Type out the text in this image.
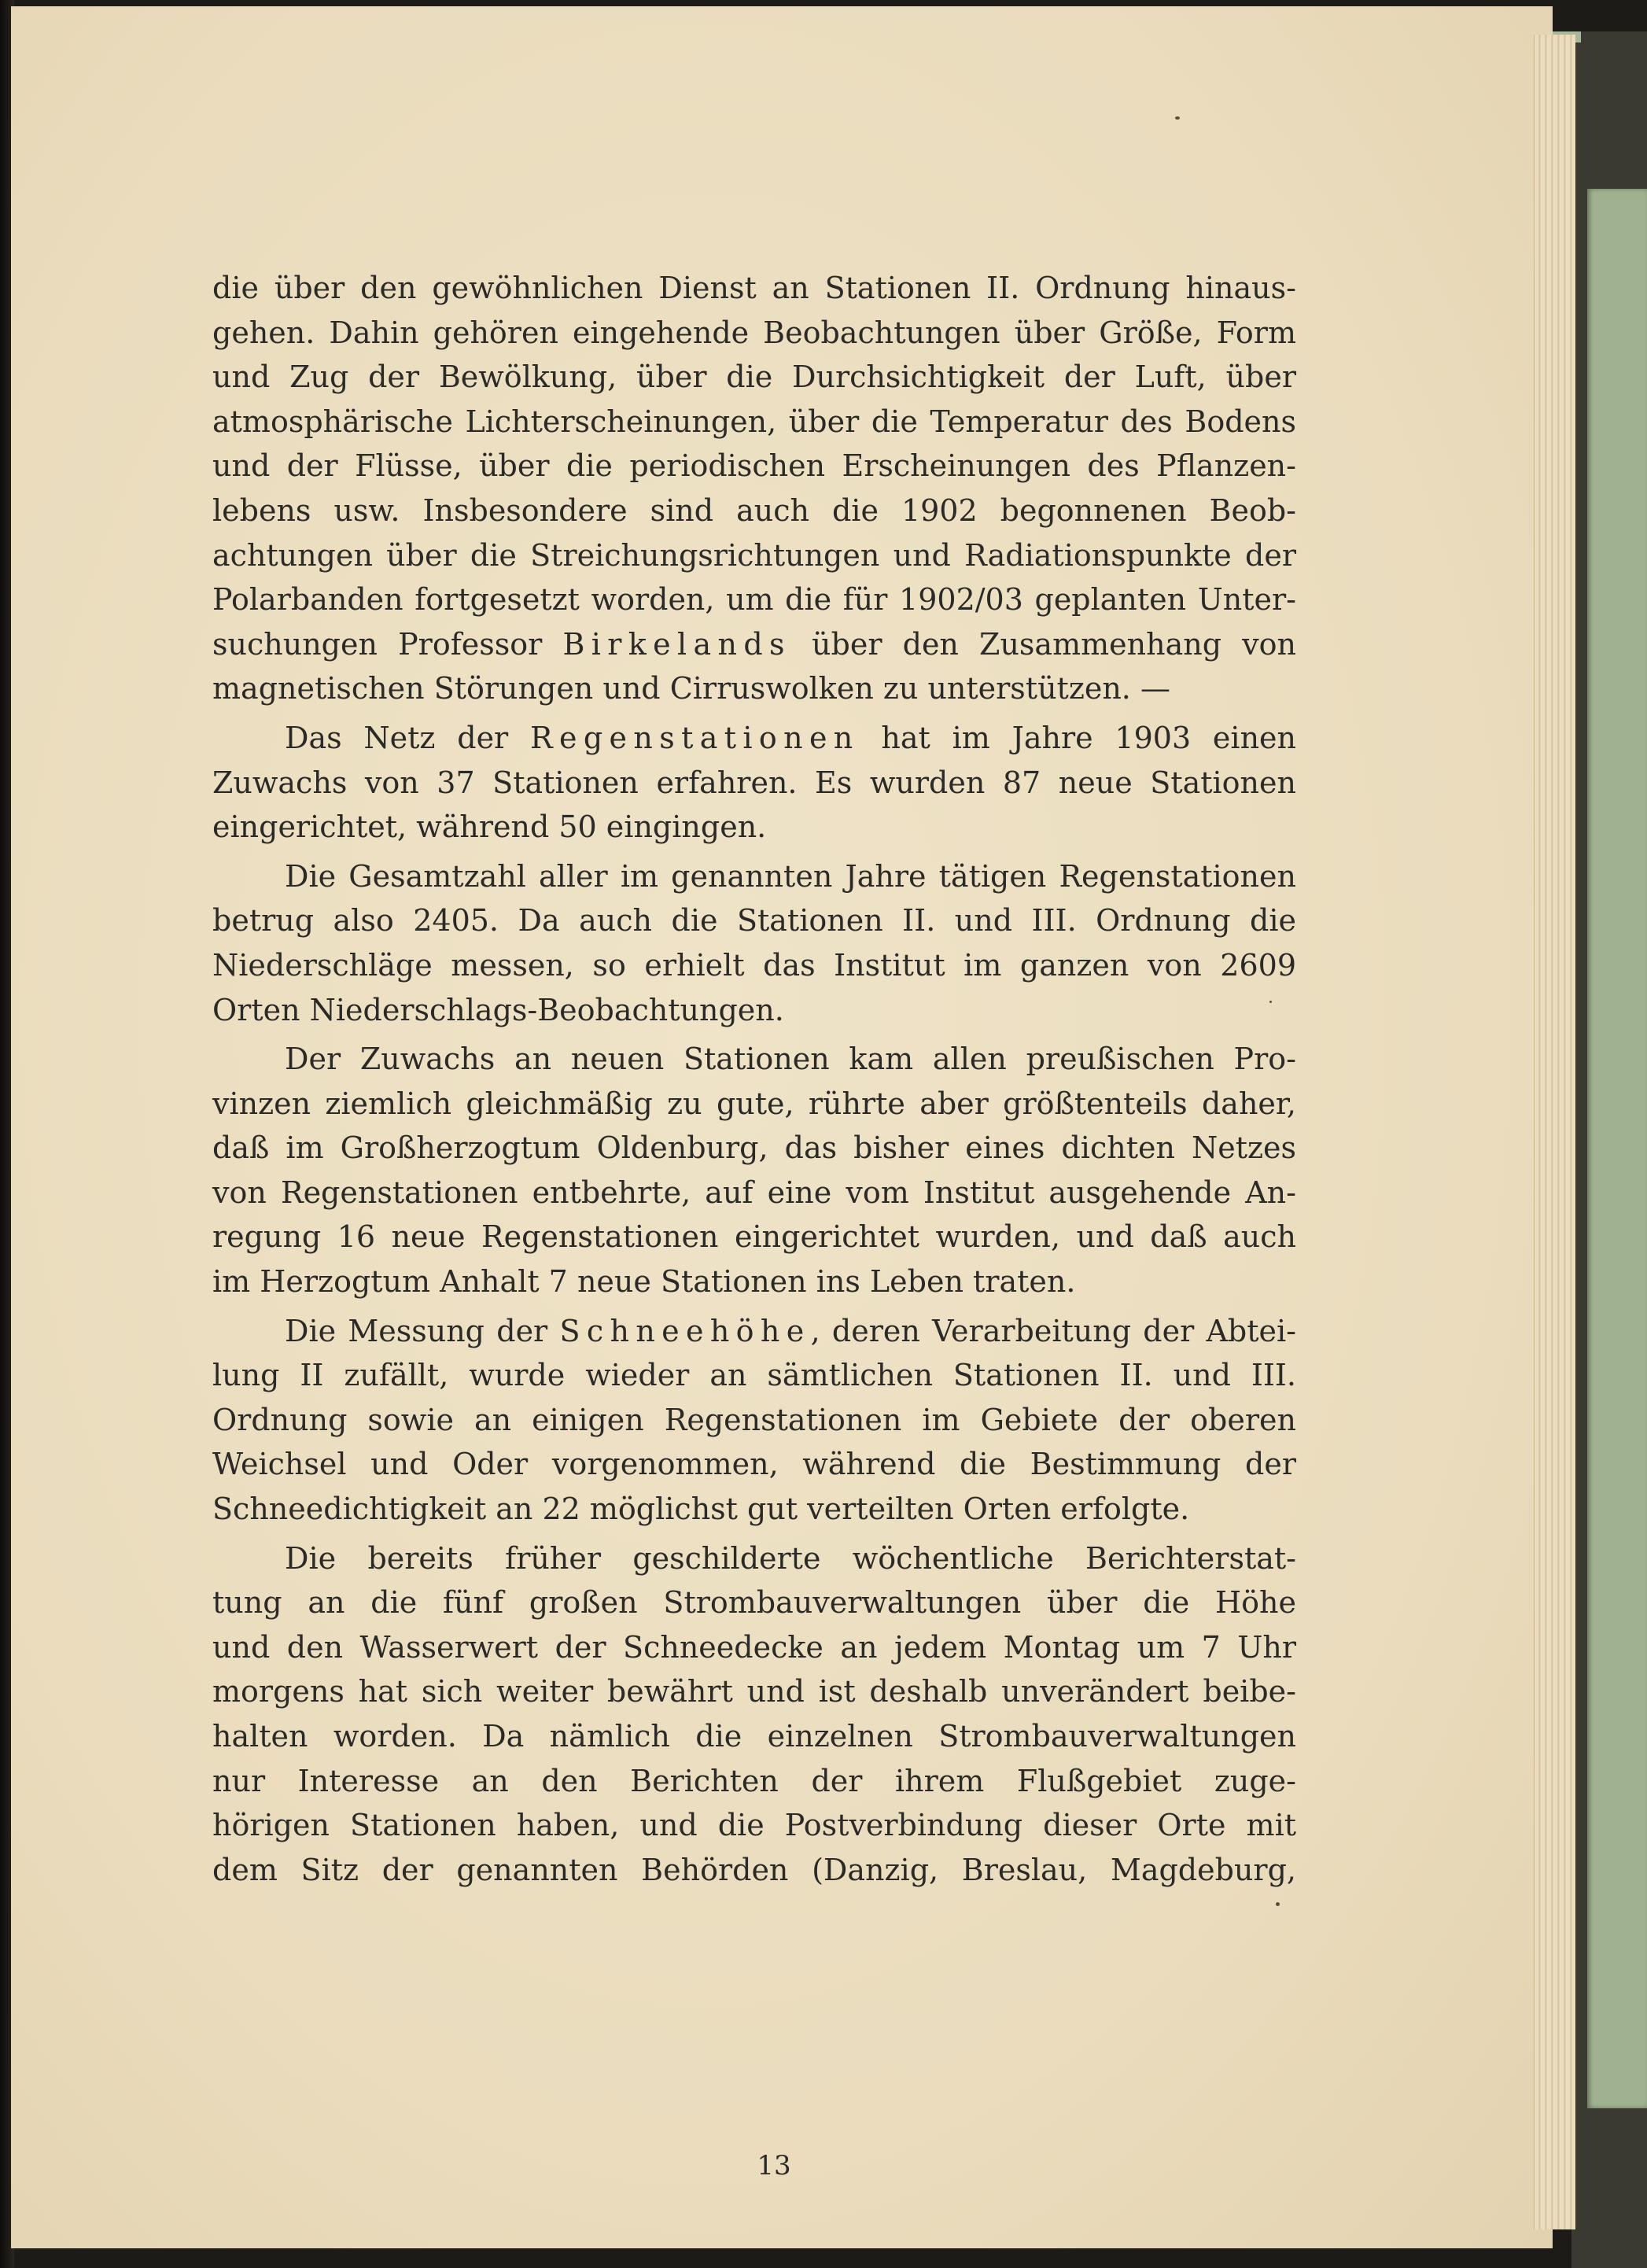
die über den gewöhnlichen Dienst an Stationen II. Ordnung hinaus-
gehen. Dahin gehören eingehende Beobachtungen über Größe, Form
und Zug der Bewölkung, über die Durchsichtigkeit der Luft, über
atmosphärische Lichterscheinungen, über die Temperatur des Bodens
und der Flüsse, über die periodischen Erscheinungen des Pflanzen-
lebens usw. Insbesondere sind auch die 1902 begonnenen Beob-
achtungen über die Streichungsrichtungen und Radiationspunkte der
Polarbanden fortgesetzt worden, um die für 1902/03 geplanten Unter-
suchungen Professor Birkelands über den Zusammenhang von
magnetischen Störungen und Cirruswolken zu unterstützen. —
Das Netz der Regenstationen hat im Jahre 1903 einen
Zuwachs von 37 Stationen erfahren. Es wurden 87 neue Stationen
eingerichtet, während 50 eingingen.
Die Gesamtzahl aller im genannten Jahre tätigen Regenstationen
betrug also 2405. Da auch die Stationen II. und III. Ordnung die
Niederschläge messen, so erhielt das Institut im ganzen von 2609
Orten Niederschlags-Beobachtungen.
Der Zuwachs an neuen Stationen kam allen preußischen Pro-
vinzen ziemlich gleichmäßig zu gute, rührte aber größtenteils daher,
daß im Großherzogtum Oldenburg, das bisher eines dichten Netzes
von Regenstationen entbehrte, auf eine vom Institut ausgehende An-
regung 16 neue Regenstationen eingerichtet wurden, und daß auch
im Herzogtum Anhalt 7 neue Stationen ins Leben traten.
Die Messung der Schneehöhe, deren Verarbeitung der Abtei-
lung II zufällt, wurde wieder an sämtlichen Stationen II. und III.
Ordnung sowie an einigen Regenstationen im Gebiete der oberen
Weichsel und Oder vorgenommen, während die Bestimmung der
Schneedichtigkeit an 22 möglichst gut verteilten Orten erfolgte.
Die bereits früher geschilderte wöchentliche Berichterstat-
tung an die fünf großen Strombauverwaltungen über die Höhe
und den Wasserwert der Schneedecke an jedem Montag um 7 Uhr
morgens hat sich weiter bewährt und ist deshalb unverändert beibe-
halten worden. Da nämlich die einzelnen Strombauverwaltungen
nur Interesse an den Berichten der ihrem Flußgebiet zuge-
hörigen Stationen haben, und die Postverbindung dieser Orte mit
dem Sitz der genannten Behörden (Danzig, Breslau, Magdeburg,
13
